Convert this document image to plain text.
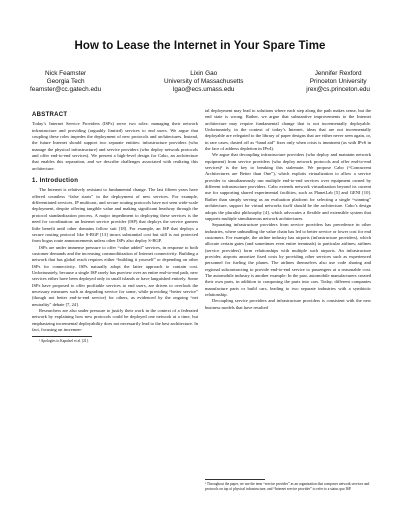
How to Lease the Internet in Your Spare Time
Nick Feamster
Georgia Tech
feamster@cc.gatech.edu
Lixin Gao
University of Massachusetts
lgao@ecs.umass.edu
Jennifer Rexford
Princeton University
jrex@cs.princeton.edu
ABSTRACT

Today’s Internet Service Providers (ISPs) serve two roles: managing their network infrastructure and providing (arguably limited) services to end users. We argue that coupling these roles impedes the deployment of new protocols and architectures. Instead, the future Internet should support two separate entities: infrastructure providers (who manage the physical infrastructure) and service providers (who deploy network protocols and offer end-to-end services). We present a high-level design for Cabo, an architecture that enables this separation, and we describe challenges associated with realizing this architecture.

1. Introduction

The Internet is relatively resistant to fundamental change. The last fifteen years have offered countless “false starts” in the deployment of new services. For example, differentiated services, IP multicast, and secure routing protocols have not seen wide-scale deployment, despite offering tangible value and making significant headway through the protocol standardization process. A major impediment to deploying these services is the need for coordination: an Internet service provider (ISP) that deploys the service garners little benefit until other domains follow suit [18]. For example, an ISP that deploys a secure routing protocol like S-BGP [13] incurs substantial cost but still is not protected from bogus route announcements unless other ISPs also deploy S-BGP.

ISPs are under immense pressure to offer “value added” services, in response to both customer demands and the increasing commoditization of Internet connectivity. Building a network that has global reach requires either “building it yourself” or depending on other ISPs for connectivity. ISPs naturally adopt the latter approach to contain cost. Unfortunately, because a single ISP rarely has purview over an entire end-to-end path, new services either have been deployed only in small islands or have languished entirely. Some ISPs have proposed to offer profitable services to end users, are driven to overlook the necessary measures such as degrading service for some, while providing “better service” (though not better end-to-end service) for others, as evidenced by the ongoing “net neutrality” debate [7, 24].

Researchers are also under pressure to justify their work in the context of a federated network by explaining how new protocols could be deployed one network at a time, but emphasizing incremental deployability does not necessarily lead to the best architecture. In fact, focusing on incremen-

¹ Apologies to Kapulzel et al. [21].

tal deployment may lead to solutions where each step along the path makes sense, but the end state is wrong. Rather, we argue that substantive improvements to the Internet architecture may require fundamental change that is not incrementally deployable. Unfortunately, in the context of today’s Internet, ideas that are not incrementally deployable are relegated to the library of paper designs that are either never seen again, or, in rare cases, dusted off as “band aid” fixes only when crisis is imminent (as with IPv6 in the face of address depletion in IPv4).

We argue that decoupling infrastructure providers (who deploy and maintain network equipment) from service providers (who deploy network protocols and offer end-to-end services)¹ is the key to breaking this stalemate. We propose Cabo (“Concurrent Architectures are Better than One”), which exploits virtualization to allow a service provider to simultaneously run multiple end-to-end services over equipment owned by different infrastructure providers. Cabo extends network virtualization beyond its current use for supporting shared experimental facilities, such as PlanetLab [5] and GENI [10]. Rather than simply serving as an evaluation platform for selecting a single “winning” architecture, support for virtual networks itself should be the architecture. Cabo’s design adopts the pluralist philosophy [4], which advocates a flexible and extensible system that supports multiple simultaneous network architectures.

Separating infrastructure providers from service providers has precedence in other industries, where unbundling the value chain has led to better service or lower cost for end customers. For example, the airline industry has airports (infrastructure providers), which allocate certain gates (and sometimes even entire terminals) to particular airlines; airlines (service providers) form relationships with multiple such airports. An infrastructure provider, airports amortize fixed costs by providing other services such as experienced personnel for fueling the planes. The airlines themselves also use code sharing and regional subcontracting to provide end-to-end service to passengers at a reasonable cost. The automobile industry is another example: In the past, automobile manufacturers created their own parts, in addition to composing the parts into cars. Today, different companies manufacture parts or build cars, leading to two separate industries with a symbiotic relationship.

Decoupling service providers and infrastructure providers is consistent with the new business models that have resulted

¹ Throughout the paper, we use the term “service provider” as an organization that composes network services and protocols on top of physical infrastructure, and “Internet service provider” to refer to a status quo ISP.
